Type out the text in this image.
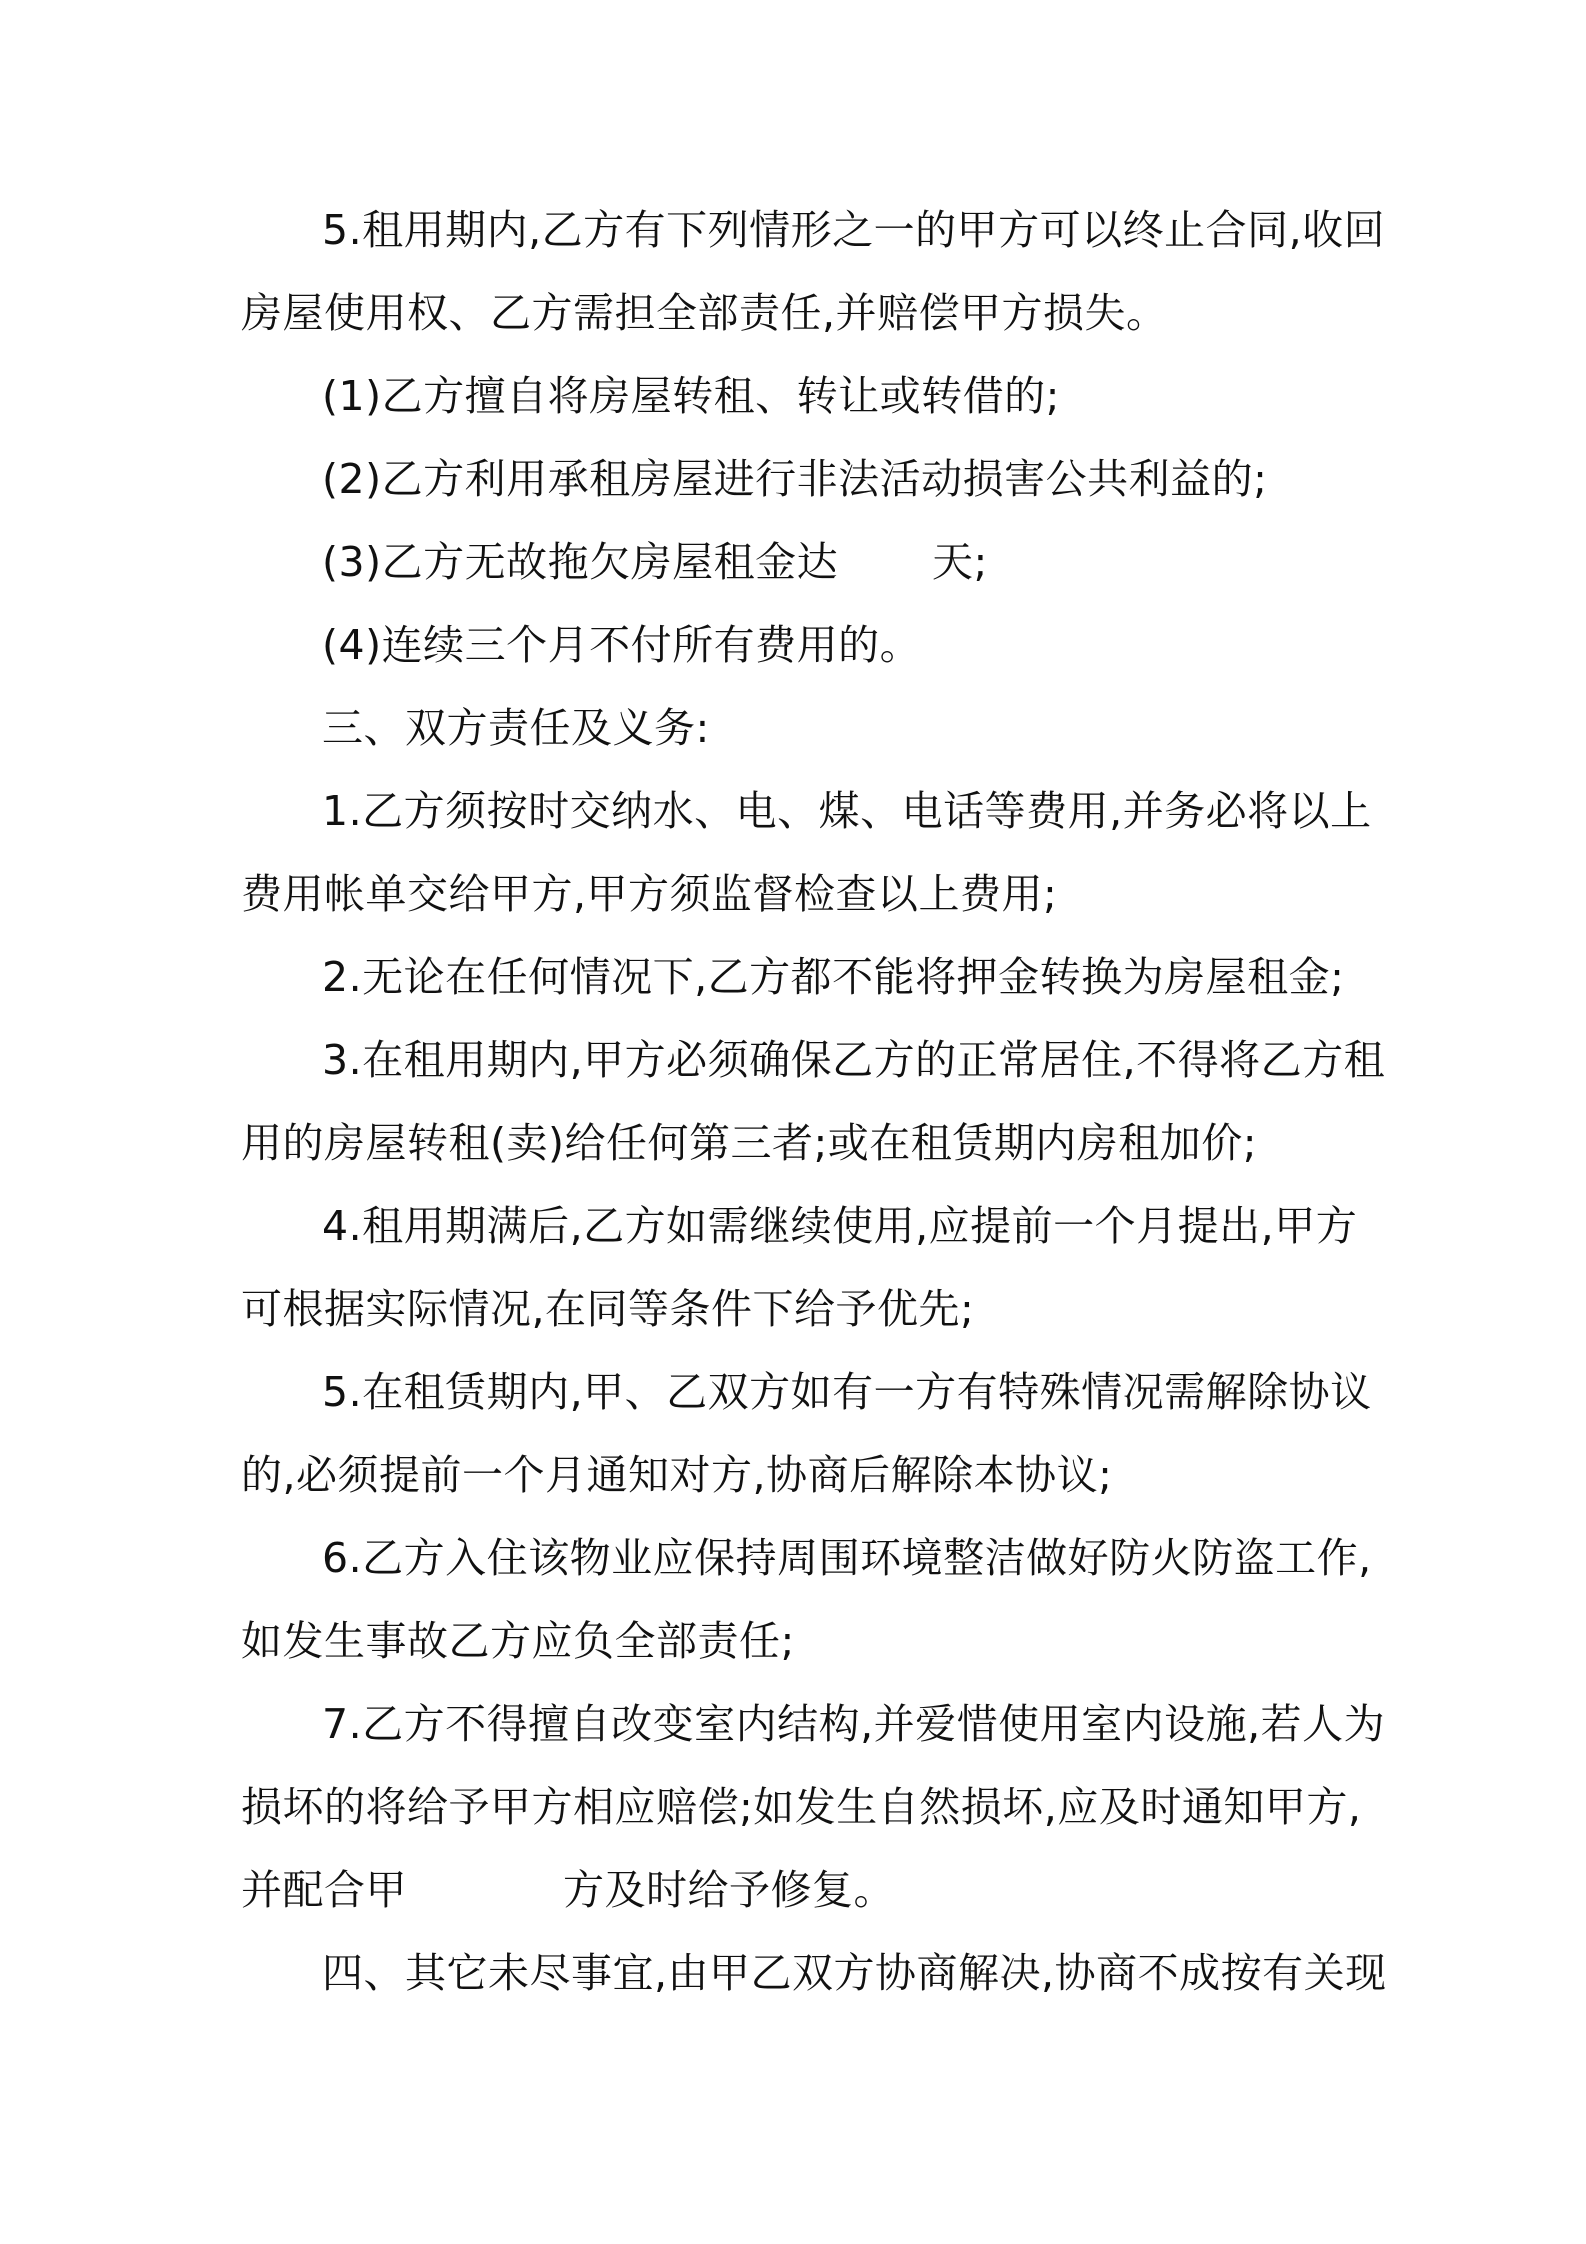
5.租用期内,乙方有下列情形之一的甲方可以终止合同,收回
房屋使用权、乙方需担全部责任,并赔偿甲方损失。
(1)乙方擅自将房屋转租、转让或转借的;
(2)乙方利用承租房屋进行非法活动损害公共利益的;
(3)乙方无故拖欠房屋租金达 天;
(4)连续三个月不付所有费用的。
三、双方责任及义务:
1.乙方须按时交纳水、电、煤、电话等费用,并务必将以上
费用帐单交给甲方,甲方须监督检查以上费用;
2.无论在任何情况下,乙方都不能将押金转换为房屋租金;
3.在租用期内,甲方必须确保乙方的正常居住,不得将乙方租
用的房屋转租(卖)给任何第三者;或在租赁期内房租加价;
4.租用期满后,乙方如需继续使用,应提前一个月提出,甲方
可根据实际情况,在同等条件下给予优先;
5.在租赁期内,甲、乙双方如有一方有特殊情况需解除协议
的,必须提前一个月通知对方,协商后解除本协议;
6.乙方入住该物业应保持周围环境整洁做好防火防盗工作,
如发生事故乙方应负全部责任;
7.乙方不得擅自改变室内结构,并爱惜使用室内设施,若人为
损坏的将给予甲方相应赔偿;如发生自然损坏,应及时通知甲方,
并配合甲	方及时给予修复。
四、其它未尽事宜,由甲乙双方协商解决,协商不成按有关现
